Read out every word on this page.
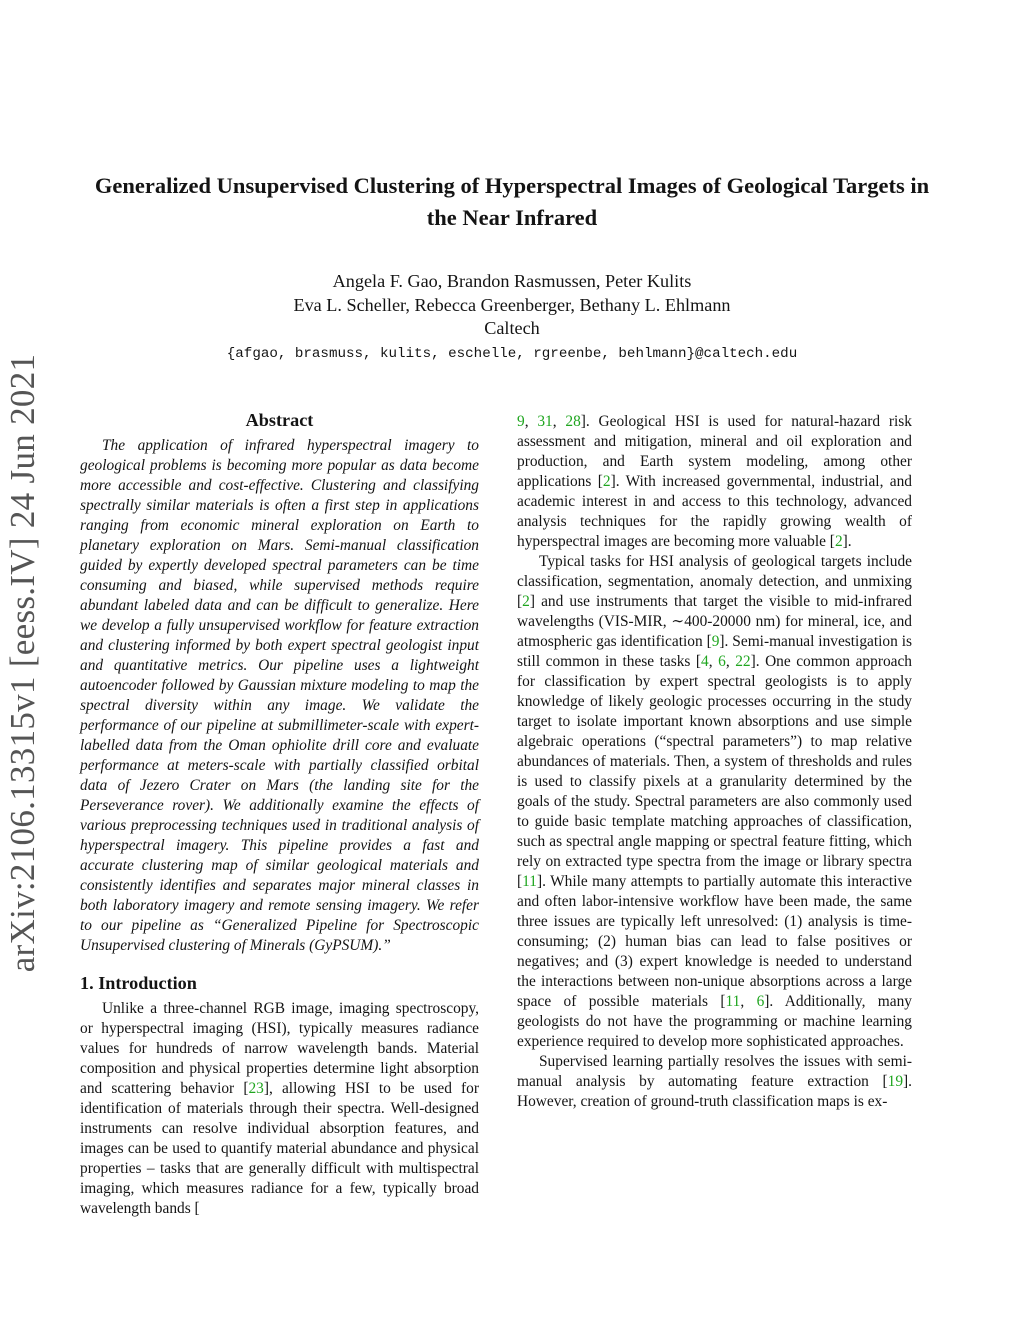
arXiv:2106.13315v1 [eess.IV] 24 Jun 2021
Generalized Unsupervised Clustering of Hyperspectral Images of Geological Targets in the Near Infrared
Angela F. Gao, Brandon Rasmussen, Peter Kulits
Eva L. Scheller, Rebecca Greenberger, Bethany L. Ehlmann
Caltech
{afgao, brasmuss, kulits, eschelle, rgreenbe, behlmann}@caltech.edu
Abstract

The application of infrared hyperspectral imagery to geological problems is becoming more popular as data become more accessible and cost-effective. Clustering and classifying spectrally similar materials is often a first step in applications ranging from economic mineral exploration on Earth to planetary exploration on Mars. Semi-manual classification guided by expertly developed spectral parameters can be time consuming and biased, while supervised methods require abundant labeled data and can be difficult to generalize. Here we develop a fully unsupervised workflow for feature extraction and clustering informed by both expert spectral geologist input and quantitative metrics. Our pipeline uses a lightweight autoencoder followed by Gaussian mixture modeling to map the spectral diversity within any image. We validate the performance of our pipeline at submillimeter-scale with expert-labelled data from the Oman ophiolite drill core and evaluate performance at meters-scale with partially classified orbital data of Jezero Crater on Mars (the landing site for the Perseverance rover). We additionally examine the effects of various preprocessing techniques used in traditional analysis of hyperspectral imagery. This pipeline provides a fast and accurate clustering map of similar geological materials and consistently identifies and separates major mineral classes in both laboratory imagery and remote sensing imagery. We refer to our pipeline as “Generalized Pipeline for Spectroscopic Unsupervised clustering of Minerals (GyPSUM).”

1. Introduction

Unlike a three-channel RGB image, imaging spectroscopy, or hyperspectral imaging (HSI), typically measures radiance values for hundreds of narrow wavelength bands. Material composition and physical properties determine light absorption and scattering behavior [23], allowing HSI to be used for identification of materials through their spectra. Well-designed instruments can resolve individual absorption features, and images can be used to quantify material abundance and physical properties – tasks that are generally difficult with multispectral imaging, which measures radiance for a few, typically broad wavelength bands [

9, 31, 28]. Geological HSI is used for natural-hazard risk assessment and mitigation, mineral and oil exploration and production, and Earth system modeling, among other applications [2]. With increased governmental, industrial, and academic interest in and access to this technology, advanced analysis techniques for the rapidly growing wealth of hyperspectral images are becoming more valuable [2].

Typical tasks for HSI analysis of geological targets include classification, segmentation, anomaly detection, and unmixing [2] and use instruments that target the visible to mid-infrared wavelengths (VIS-MIR, ∼400-20000 nm) for mineral, ice, and atmospheric gas identification [9]. Semi-manual investigation is still common in these tasks [4, 6, 22]. One common approach for classification by expert spectral geologists is to apply knowledge of likely geologic processes occurring in the study target to isolate important known absorptions and use simple algebraic operations (“spectral parameters”) to map relative abundances of materials. Then, a system of thresholds and rules is used to classify pixels at a granularity determined by the goals of the study. Spectral parameters are also commonly used to guide basic template matching approaches of classification, such as spectral angle mapping or spectral feature fitting, which rely on extracted type spectra from the image or library spectra [11]. While many attempts to partially automate this interactive and often labor-intensive workflow have been made, the same three issues are typically left unresolved: (1) analysis is time-consuming; (2) human bias can lead to false positives or negatives; and (3) expert knowledge is needed to understand the interactions between non-unique absorptions across a large space of possible materials [11, 6]. Additionally, many geologists do not have the programming or machine learning experience required to develop more sophisticated approaches.

Supervised learning partially resolves the issues with semi-manual analysis by automating feature extraction [19]. However, creation of ground-truth classification maps is ex-
